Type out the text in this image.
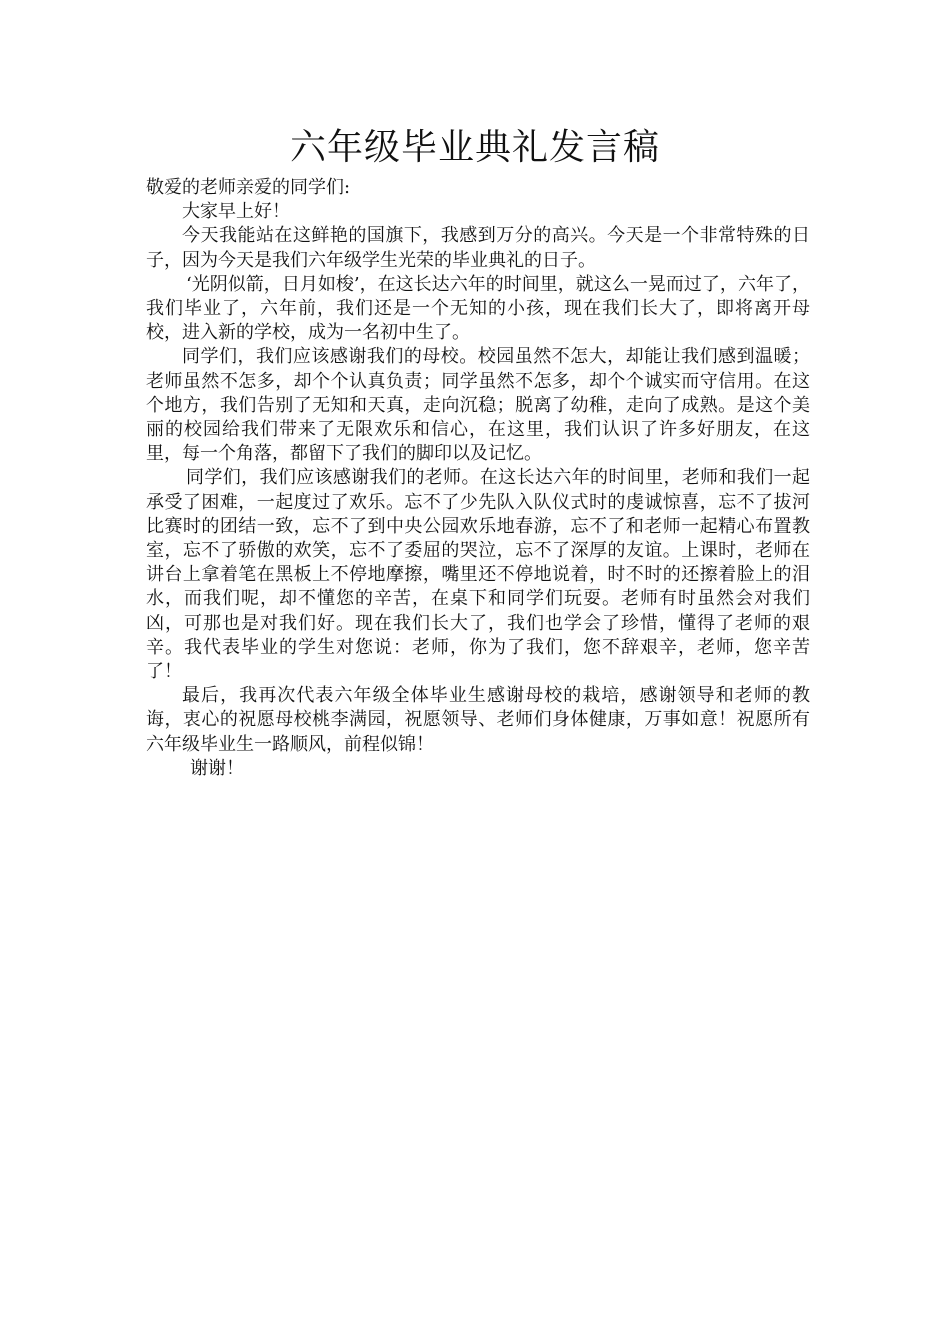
六年级毕业典礼发言稿

敬爱的老师亲爱的同学们:

大家早上好！

今天我能站在这鲜艳的国旗下，我感到万分的高兴。今天是一个非常特殊的日子，因为今天是我们六年级学生光荣的毕业典礼的日子。

‘光阴似箭，日月如梭’，在这长达六年的时间里，就这么一晃而过了，六年了，我们毕业了，六年前，我们还是一个无知的小孩，现在我们长大了，即将离开母校，进入新的学校，成为一名初中生了。

同学们，我们应该感谢我们的母校。校园虽然不怎大，却能让我们感到温暖；老师虽然不怎多，却个个认真负责；同学虽然不怎多，却个个诚实而守信用。在这个地方，我们告别了无知和天真，走向沉稳；脱离了幼稚，走向了成熟。是这个美丽的校园给我们带来了无限欢乐和信心，在这里，我们认识了许多好朋友，在这里，每一个角落，都留下了我们的脚印以及记忆。

同学们，我们应该感谢我们的老师。在这长达六年的时间里，老师和我们一起承受了困难，一起度过了欢乐。忘不了少先队入队仪式时的虔诚惊喜，忘不了拔河比赛时的团结一致，忘不了到中央公园欢乐地春游，忘不了和老师一起精心布置教室，忘不了骄傲的欢笑，忘不了委屈的哭泣，忘不了深厚的友谊。上课时，老师在讲台上拿着笔在黑板上不停地摩擦，嘴里还不停地说着，时不时的还擦着脸上的泪水，而我们呢，却不懂您的辛苦，在桌下和同学们玩耍。老师有时虽然会对我们凶，可那也是对我们好。现在我们长大了，我们也学会了珍惜，懂得了老师的艰辛。我代表毕业的学生对您说：老师，你为了我们，您不辞艰辛，老师，您辛苦了！

最后，我再次代表六年级全体毕业生感谢母校的栽培，感谢领导和老师的教诲，衷心的祝愿母校桃李满园，祝愿领导、老师们身体健康，万事如意！祝愿所有六年级毕业生一路顺风，前程似锦！

谢谢！
